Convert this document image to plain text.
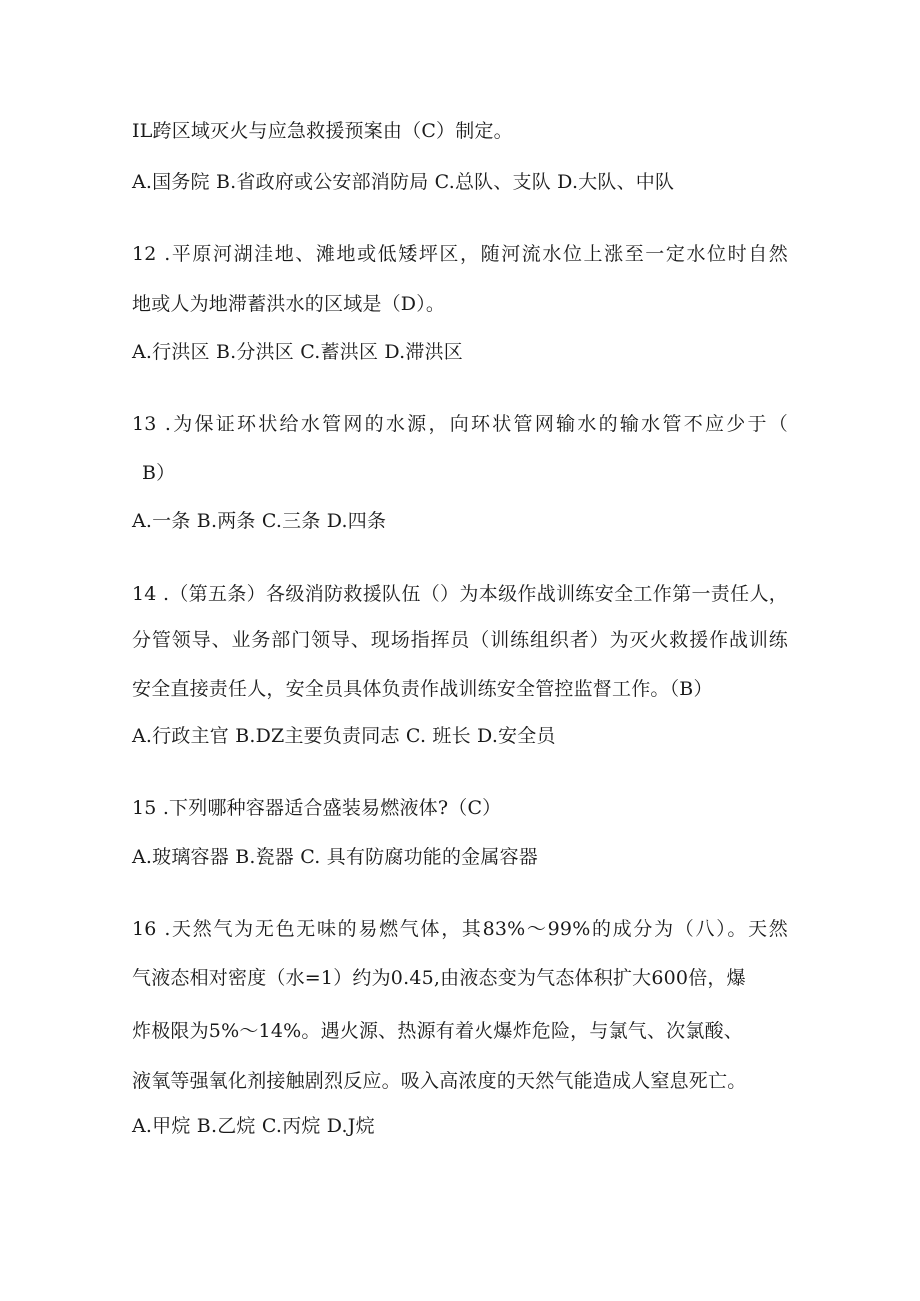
IL跨区域灭火与应急救援预案由（C）制定。
A.国务院 B.省政府或公安部消防局 C.总队、支队 D.大队、中队
12 .平原河湖洼地、滩地或低矮坪区，随河流水位上涨至一定水位时自然
地或人为地滞蓄洪水的区域是（D）。
A.行洪区 B.分洪区 C.蓄洪区 D.滞洪区
13 .为保证环状给水管网的水源，向环状管网输水的输水管不应少于（
B）
A.一条 B.两条 C.三条 D.四条
14 .（第五条）各级消防救援队伍（）为本级作战训练安全工作第一责任人，
分管领导、业务部门领导、现场指挥员（训练组织者）为灭火救援作战训练
安全直接责任人，安全员具体负责作战训练安全管控监督工作。（B）
A.行政主官 B.DZ主要负责同志 C. 班长 D.安全员
15 .下列哪种容器适合盛装易燃液体?（C）
A.玻璃容器 B.瓷器 C. 具有防腐功能的金属容器
16 .天然气为无色无味的易燃气体，其83%～99%的成分为（八）。天然
气液态相对密度（水=1）约为0.45,由液态变为气态体积扩大600倍，爆
炸极限为5%～14%。遇火源、热源有着火爆炸危险，与氯气、次氯酸、
液氧等强氧化剂接触剧烈反应。吸入高浓度的天然气能造成人窒息死亡。
A.甲烷 B.乙烷 C.丙烷 D.J烷
